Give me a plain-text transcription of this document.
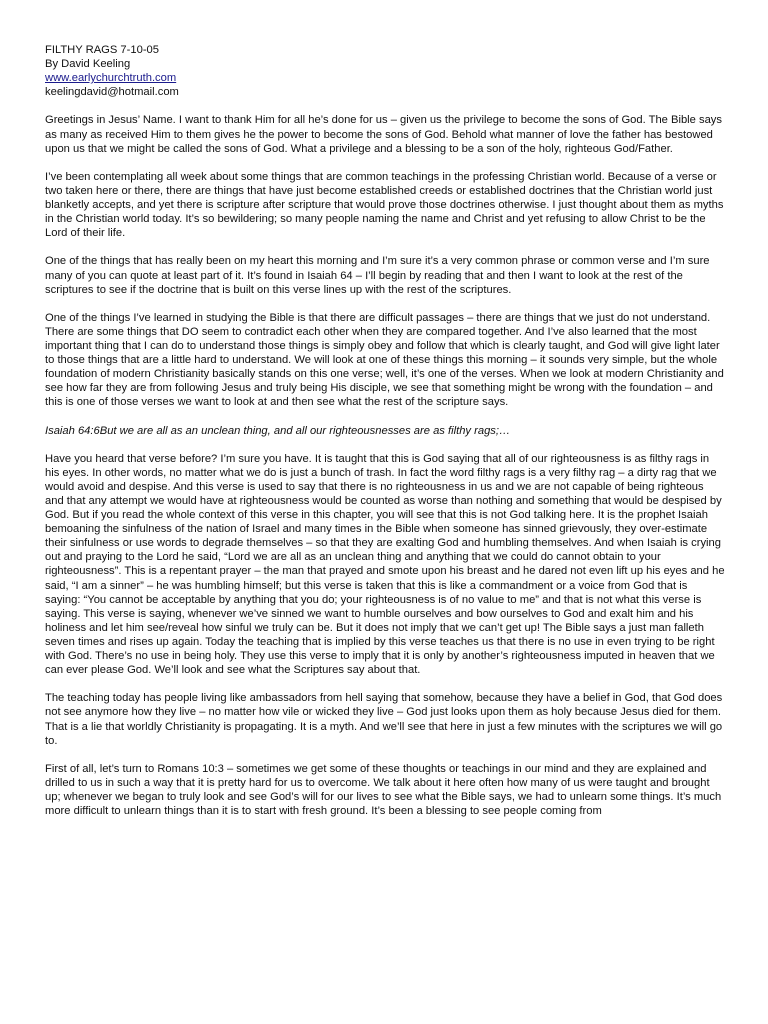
FILTHY RAGS 7-10-05

By David Keeling

www.earlychurchtruth.com

keelingdavid@hotmail.com

Greetings in Jesus’ Name. I want to thank Him for all he’s done for us – given us the privilege to become the sons of God. The Bible says as many as received Him to them gives he the power to become the sons of God. Behold what manner of love the father has bestowed upon us that we might be called the sons of God. What a privilege and a blessing to be a son of the holy, righteous God/Father.

I’ve been contemplating all week about some things that are common teachings in the professing Christian world. Because of a verse or two taken here or there, there are things that have just become established creeds or established doctrines that the Christian world just blanketly accepts, and yet there is scripture after scripture that would prove those doctrines otherwise. I just thought about them as myths in the Christian world today. It’s so bewildering; so many people naming the name and Christ and yet refusing to allow Christ to be the Lord of their life.

One of the things that has really been on my heart this morning and I’m sure it’s a very common phrase or common verse and I’m sure many of you can quote at least part of it. It’s found in Isaiah 64 – I’ll begin by reading that and then I want to look at the rest of the scriptures to see if the doctrine that is built on this verse lines up with the rest of the scriptures.

One of the things I’ve learned in studying the Bible is that there are difficult passages – there are things that we just do not understand. There are some things that DO seem to contradict each other when they are compared together. And I’ve also learned that the most important thing that I can do to understand those things is simply obey and follow that which is clearly taught, and God will give light later to those things that are a little hard to understand. We will look at one of these things this morning – it sounds very simple, but the whole foundation of modern Christianity basically stands on this one verse; well, it’s one of the verses. When we look at modern Christianity and see how far they are from following Jesus and truly being His disciple, we see that something might be wrong with the foundation – and this is one of those verses we want to look at and then see what the rest of the scripture says.

Isaiah 64:6But we are all as an unclean thing, and all our righteousnesses are as filthy rags;…

Have you heard that verse before? I’m sure you have. It is taught that this is God saying that all of our righteousness is as filthy rags in his eyes. In other words, no matter what we do is just a bunch of trash. In fact the word filthy rags is a very filthy rag – a dirty rag that we would avoid and despise. And this verse is used to say that there is no righteousness in us and we are not capable of being righteous and that any attempt we would have at righteousness would be counted as worse than nothing and something that would be despised by God. But if you read the whole context of this verse in this chapter, you will see that this is not God talking here. It is the prophet Isaiah bemoaning the sinfulness of the nation of Israel and many times in the Bible when someone has sinned grievously, they over-estimate their sinfulness or use words to degrade themselves – so that they are exalting God and humbling themselves. And when Isaiah is crying out and praying to the Lord he said, “Lord we are all as an unclean thing and anything that we could do cannot obtain to your righteousness”. This is a repentant prayer – the man that prayed and smote upon his breast and he dared not even lift up his eyes and he said, “I am a sinner” – he was humbling himself; but this verse is taken that this is like a commandment or a voice from God that is saying: “You cannot be acceptable by anything that you do; your righteousness is of no value to me” and that is not what this verse is saying. This verse is saying, whenever we’ve sinned we want to humble ourselves and bow ourselves to God and exalt him and his holiness and let him see/reveal how sinful we truly can be. But it does not imply that we can’t get up! The Bible says a just man falleth seven times and rises up again. Today the teaching that is implied by this verse teaches us that there is no use in even trying to be right with God. There’s no use in being holy. They use this verse to imply that it is only by another’s righteousness imputed in heaven that we can ever please God. We’ll look and see what the Scriptures say about that.

The teaching today has people living like ambassadors from hell saying that somehow, because they have a belief in God, that God does not see anymore how they live – no matter how vile or wicked they live – God just looks upon them as holy because Jesus died for them. That is a lie that worldly Christianity is propagating. It is a myth. And we’ll see that here in just a few minutes with the scriptures we will go to.

First of all, let’s turn to Romans 10:3 – sometimes we get some of these thoughts or teachings in our mind and they are explained and drilled to us in such a way that it is pretty hard for us to overcome. We talk about it here often how many of us were taught and brought up; whenever we began to truly look and see God’s will for our lives to see what the Bible says, we had to unlearn some things. It’s much more difficult to unlearn things than it is to start with fresh ground. It’s been a blessing to see people coming from
